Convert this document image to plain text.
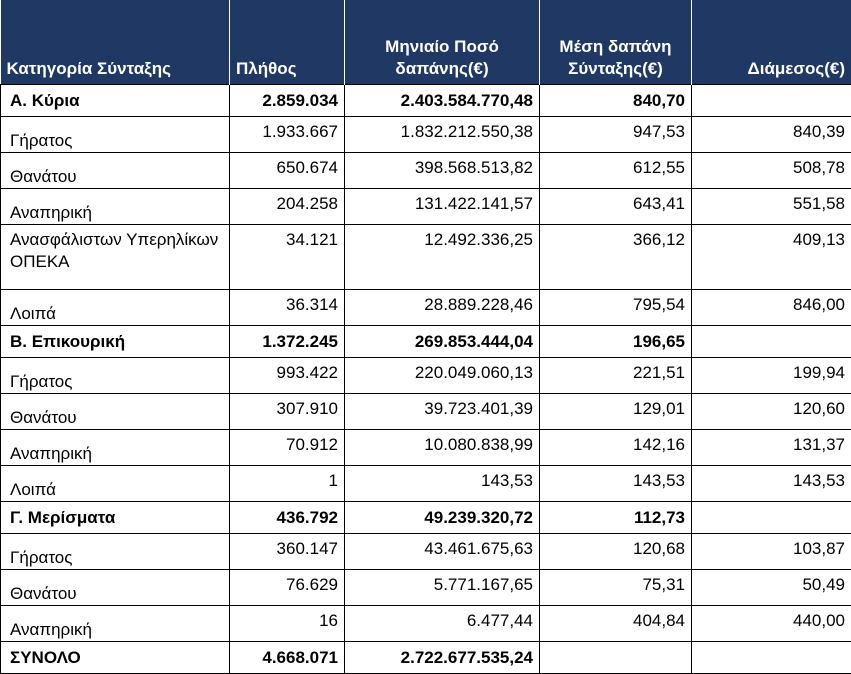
Κατηγορία Σύνταξης	Πλήθος	Μηνιαίο Ποσό δαπάνης(€)	Μέση δαπάνη Σύνταξης(€)	Διάμεσος(€)
Α. Κύρια	2.859.034	2.403.584.770,48	840,70	
Γήρατος	1.933.667	1.832.212.550,38	947,53	840,39
Θανάτου	650.674	398.568.513,82	612,55	508,78
Αναπηρική	204.258	131.422.141,57	643,41	551,58
Ανασφάλιστων Υπερηλίκων ΟΠΕΚΑ	34.121	12.492.336,25	366,12	409,13
Λοιπά	36.314	28.889.228,46	795,54	846,00
Β. Επικουρική	1.372.245	269.853.444,04	196,65	
Γήρατος	993.422	220.049.060,13	221,51	199,94
Θανάτου	307.910	39.723.401,39	129,01	120,60
Αναπηρική	70.912	10.080.838,99	142,16	131,37
Λοιπά	1	143,53	143,53	143,53
Γ. Μερίσματα	436.792	49.239.320,72	112,73	
Γήρατος	360.147	43.461.675,63	120,68	103,87
Θανάτου	76.629	5.771.167,65	75,31	50,49
Αναπηρική	16	6.477,44	404,84	440,00
ΣΥΝΟΛΟ	4.668.071	2.722.677.535,24		
